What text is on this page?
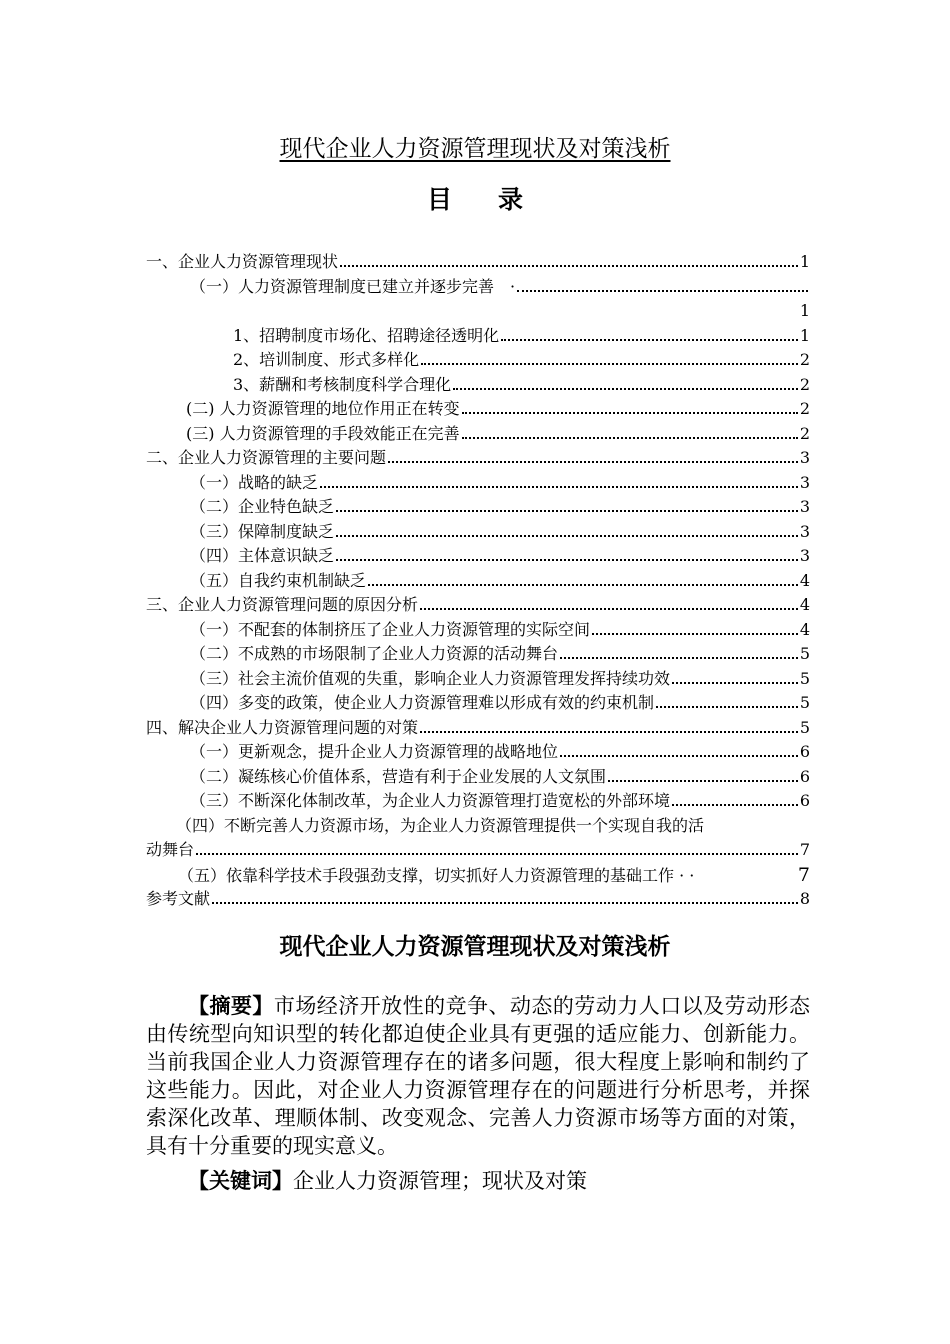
现代企业人力资源管理现状及对策浅析
目录
一、企业人力资源管理现状	1
（一）人力资源管理制度已建立并逐步完善　·
1
1、招聘制度市场化、招聘途径透明化	1
2、培训制度、形式多样化	2
3、薪酬和考核制度科学合理化	2
(二) 人力资源管理的地位作用正在转变	2
(三) 人力资源管理的手段效能正在完善	2
二、企业人力资源管理的主要问题	3
（一）战略的缺乏	3
（二）企业特色缺乏	3
（三）保障制度缺乏	3
（四）主体意识缺乏	3
（五）自我约束机制缺乏	4
三、企业人力资源管理问题的原因分析	4
（一）不配套的体制挤压了企业人力资源管理的实际空间	4
（二）不成熟的市场限制了企业人力资源的活动舞台	5
（三）社会主流价值观的失重，影响企业人力资源管理发挥持续功效	5
（四）多变的政策，使企业人力资源管理难以形成有效的约束机制	5
四、解决企业人力资源管理问题的对策	5
（一）更新观念，提升企业人力资源管理的战略地位	6
（二）凝练核心价值体系，营造有利于企业发展的人文氛围	6
（三）不断深化体制改革，为企业人力资源管理打造宽松的外部环境	6
（四）不断完善人力资源市场，为企业人力资源管理提供一个实现自我的活
动舞台	7
（五）依靠科学技术手段强劲支撑，切实抓好人力资源管理的基础工作 · ·	7
参考文献	8
现代企业人力资源管理现状及对策浅析
【摘要】市场经济开放性的竞争、动态的劳动力人口以及劳动形态由传统型向知识型的转化都迫使企业具有更强的适应能力、创新能力。当前我国企业人力资源管理存在的诸多问题，很大程度上影响和制约了这些能力。因此，对企业人力资源管理存在的问题进行分析思考，并探索深化改革、理顺体制、改变观念、完善人力资源市场等方面的对策，具有十分重要的现实意义。
【关键词】企业人力资源管理；现状及对策
